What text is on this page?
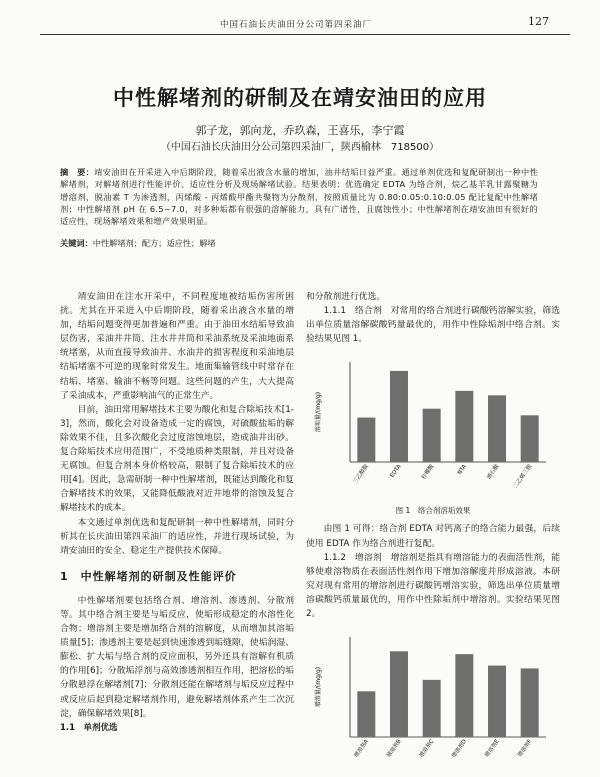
中国石油长庆油田分公司第四采油厂	127
中性解堵剂的研制及在靖安油田的应用
郭子龙，郭向龙，乔玖森，王喜乐，李宁霞
（中国石油长庆油田分公司第四采油厂，陕西榆林　718500）
摘　要：靖安油田在开采进入中后期阶段，随着采出液含水量的增加，油井结垢日益严重。通过单剂优选和复配研制出一种中性解堵剂，对解堵剂进行性能评价、适应性分析及现场解堵试验。结果表明：优选确定 EDTA 为络合剂，烷乙基羊乳甘露聚糖为增溶剂，脱油素 T 为渗透剂，丙烯酸 - 丙烯酸甲酯共聚物为分散剂，按照质量比为 0.80:0.05:0.10:0.05 配比复配中性解堵剂；中性解堵剂 pH 在 6.5~7.0，对多种垢都有很强的溶解能力，具有广谱性，且腐蚀性小；中性解堵剂在靖安油田有很好的适应性，现场解堵效果和增产效果明显。
关键词：中性解堵剂；配方；适应性；解堵

靖安油田在注水开采中，不同程度地被结垢伤害所困扰。尤其在开采进入中后期阶段，随着采出液含水量的增加，结垢问题变得更加普遍和严重。由于油田水结垢导致油层伤害，采油井井筒、注水井井筒和采油系统及采油地面系统堵塞，从而直接导致油井、水油井的损害程度和采油地层结垢堵塞不可逆的现象时常发生。地面集输管线中时常存在结垢、堵塞、输油不畅等问题。这些问题的产生，大大提高了采油成本，严重影响油气的正常生产。

目前，油田常用解堵技术主要为酸化和复合除垢技术[1-3]，然而，酸化会对设备造成一定的腐蚀，对硫酸盐垢的解除效果不佳，且多次酸化会过度溶蚀地层，造成油井出砂。复合除垢技术应用范围广，不受地质种类限制，并且对设备无腐蚀。但复合剂本身价格较高，限制了复合除垢技术的应用[4]。因此，急需研制一种中性解堵剂，既能达到酸化和复合解堵技术的效果，又能降低酸液对近井地带的溶蚀及复合解堵技术的成本。

本文通过单剂优选和复配研制一种中性解堵剂，同时分析其在长庆油田第四采油厂的适应性，并进行现场试验，为靖安油田的安全、稳定生产提供技术保障。

1　中性解堵剂的研制及性能评价

中性解堵剂要包括络合剂、增溶剂、渗透剂、分散剂等。其中络合剂主要是与垢反应，使垢形成稳定的水溶性化合物；增溶剂主要是增加络合剂的溶解度，从而增加其溶垢质量[5]；渗透剂主要是起到快速渗透到垢缝隙，使垢润湿、膨松、扩大垢与络合剂的反应面积，另外还具有溶解有机质的作用[6]；分散垢浮剂与高效渗透剂相互作用，把溶松的垢分散悬浮在解堵剂[7]；分散剂还能在解堵剂与垢反应过程中或反应后起到稳定解堵剂作用，避免解堵剂体系产生二次沉淀，确保解堵效果[8]。

1.1　单剂优选

和分散剂进行优选。

1.1.1　络合剂　对常用的络合剂进行碳酸钙溶解实验，筛选出单位质量溶解碳酸钙量最优的，用作中性除垢剂中络合剂。实验结果见图 1。

溶垢量/(mg/g)
三乙醇胺	EDTA	柠檬酸	NTA	酒石酸 二乙烯三胺

图 1　络合剂溶垢效果

由图 1 可得：络合剂 EDTA 对钙离子的络合能力最强，后续使用 EDTA 作为络合剂进行复配。

1.1.2　增溶剂　增溶剂是指具有增溶能力的表面活性剂，能够使难溶物质在表面活性剂作用下增加溶解度并形成溶液。本研究对现有常用的增溶剂进行碳酸钙增溶实验，筛选出单位质量增溶碳酸钙质量最优的，用作中性除垢剂中增溶剂。实验结果见图 2。

增溶量/(mg/g)
增溶剂A	增溶剂B	增溶剂C	增溶剂D	增溶剂E	增溶剂F
